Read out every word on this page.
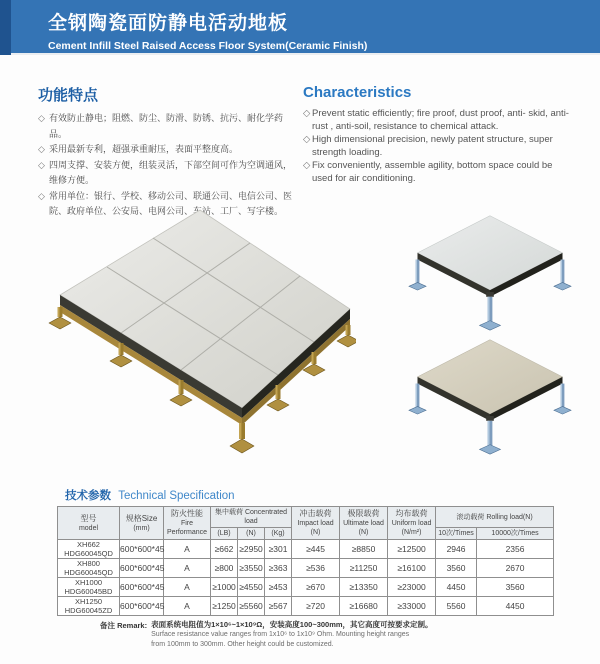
全钢陶瓷面防静电活动地板
Cement Infill Steel Raised Access Floor System(Ceramic Finish)
功能特点
◇ 有效防止静电；阻燃、防尘、防滑、防锈、抗污、耐化学药品。
◇ 采用最新专利，超强承重耐压，表面平整度高。
◇ 四周支撑、安装方便，组装灵活，下部空间可作为空调通风，维修方便。
◇ 常用单位：银行、学校、移动公司、联通公司、电信公司、医院、政府单位、公安局、电网公司、车站、工厂、写字楼。
Characteristics
◇ Prevent static efficiently; fire proof, dust proof, anti- skid, anti- rust , anti-soil, resistance to chemical attack.
◇ High dimensional precision, newly patent structure, super strength loading.
◇ Fix conveniently, assemble agility, bottom space could be used for air conditioning.
技术参数 Technical Specification
型号
model	规格Size
(mm)	防火性能
Fire Performance	集中载荷 Concentrated load			冲击载荷
Impact load
(N)	极限载荷
Ultimate load
(N)	均布载荷
Uniform load
(N/m²)	滚动载荷 Rolling load(N)	

			(LB)	(N)	(Kg)				10次/Times	10000次/Times

XH662
HDG60045QD	600*600*45	A	≥662	≥2950	≥301	≥445	≥8850	≥12500	2946	2356

XH800
HDG60045QD	600*600*45	A	≥800	≥3550	≥363	≥536	≥11250	≥16100	3560	2670

XH1000
HDG60045BD	600*600*45	A	≥1000	≥4550	≥453	≥670	≥13350	≥23000	4450	3560

XH1250
HDG60045ZD	600*600*45	A	≥1250	≥5560	≥567	≥720	≥16680	≥33000	5560	4450
备注 Remark: 表面系统电阻值为1×10⁶~1×10⁹Ω，安装高度100~300mm，其它高度可按要求定制。
Surface resistance value ranges from 1x10⁶ to 1x10⁹ Ohm. Mounting height ranges
from 100mm to 300mm. Other height could be customized.
